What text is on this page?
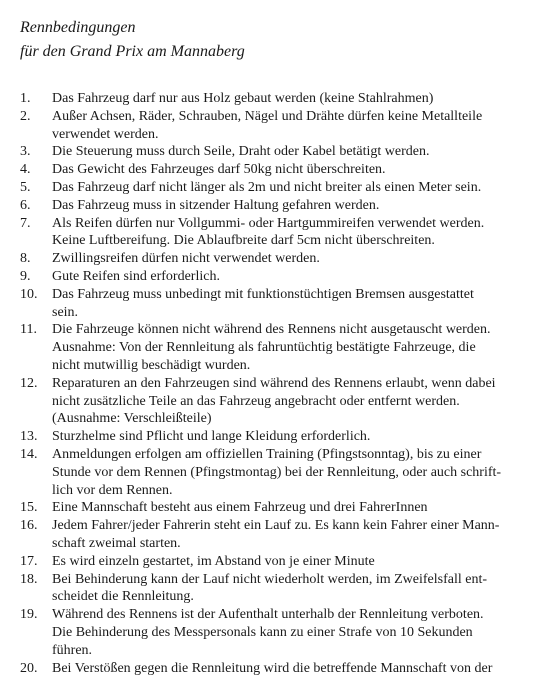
Rennbedingungen
für den Grand Prix am Mannaberg
1. Das Fahrzeug darf nur aus Holz gebaut werden (keine Stahlrahmen)
2. Außer Achsen, Räder, Schrauben, Nägel und Drähte dürfen keine Metallteile
verwendet werden.
3. Die Steuerung muss durch Seile, Draht oder Kabel betätigt werden.
4. Das Gewicht des Fahrzeuges darf 50kg nicht überschreiten.
5. Das Fahrzeug darf nicht länger als 2m und nicht breiter als einen Meter sein.
6. Das Fahrzeug muss in sitzender Haltung gefahren werden.
7. Als Reifen dürfen nur Vollgummi- oder Hartgummireifen verwendet werden.
Keine Luftbereifung. Die Ablaufbreite darf 5cm nicht überschreiten.
8. Zwillingsreifen dürfen nicht verwendet werden.
9. Gute Reifen sind erforderlich.
10. Das Fahrzeug muss unbedingt mit funktionstüchtigen Bremsen ausgestattet
sein.
11. Die Fahrzeuge können nicht während des Rennens nicht ausgetauscht werden.
Ausnahme: Von der Rennleitung als fahruntüchtig bestätigte Fahrzeuge, die
nicht mutwillig beschädigt wurden.
12. Reparaturen an den Fahrzeugen sind während des Rennens erlaubt, wenn dabei
nicht zusätzliche Teile an das Fahrzeug angebracht oder entfernt werden.
(Ausnahme: Verschleißteile)
13. Sturzhelme sind Pflicht und lange Kleidung erforderlich.
14. Anmeldungen erfolgen am offiziellen Training (Pfingstsonntag), bis zu einer
Stunde vor dem Rennen (Pfingstmontag) bei der Rennleitung, oder auch schrift-
lich vor dem Rennen.
15. Eine Mannschaft besteht aus einem Fahrzeug und drei FahrerInnen
16. Jedem Fahrer/jeder Fahrerin steht ein Lauf zu. Es kann kein Fahrer einer Mann-
schaft zweimal starten.
17. Es wird einzeln gestartet, im Abstand von je einer Minute
18. Bei Behinderung kann der Lauf nicht wiederholt werden, im Zweifelsfall ent-
scheidet die Rennleitung.
19. Während des Rennens ist der Aufenthalt unterhalb der Rennleitung verboten.
Die Behinderung des Messpersonals kann zu einer Strafe von 10 Sekunden
führen.
20. Bei Verstößen gegen die Rennleitung wird die betreffende Mannschaft von der
